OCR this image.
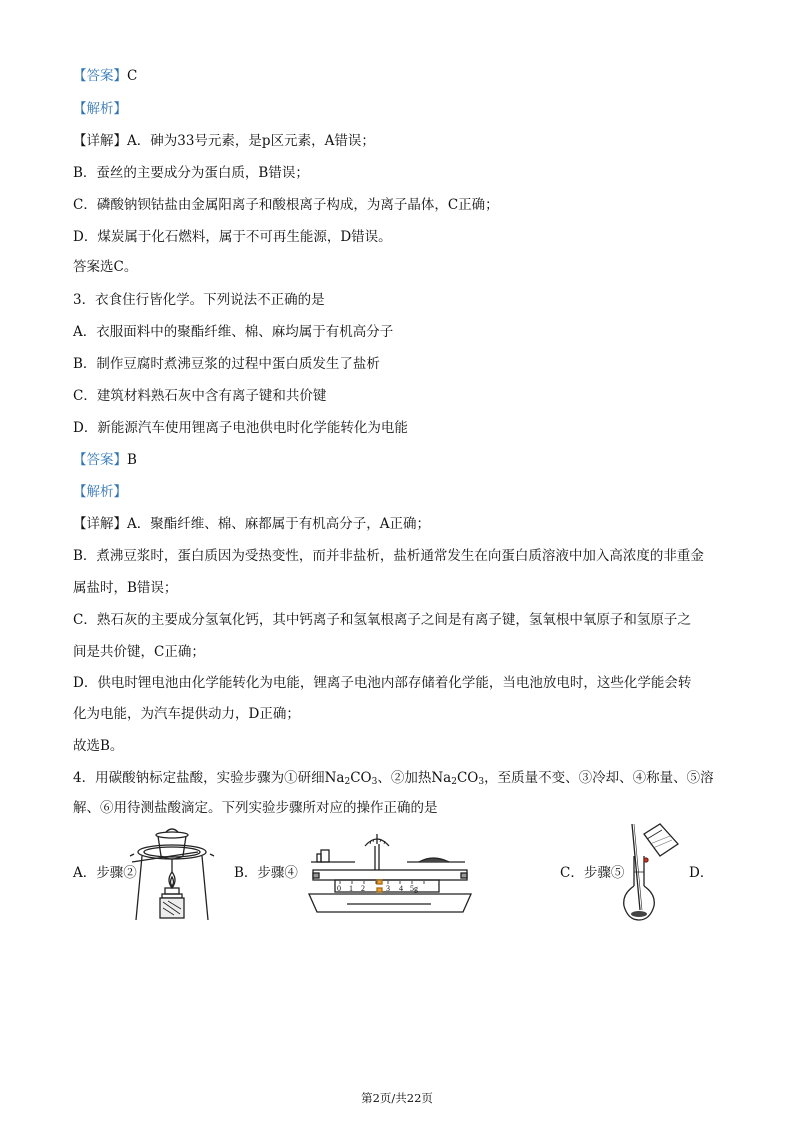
【答案】C
【解析】
【详解】A．砷为33号元素，是p区元素，A错误；
B．蚕丝的主要成分为蛋白质，B错误；
C．磷酸钠钡钴盐由金属阳离子和酸根离子构成，为离子晶体，C正确；
D．煤炭属于化石燃料，属于不可再生能源，D错误。
答案选C。
3．衣食住行皆化学。下列说法不正确的是
A．衣服面料中的聚酯纤维、棉、麻均属于有机高分子
B．制作豆腐时煮沸豆浆的过程中蛋白质发生了盐析
C．建筑材料熟石灰中含有离子键和共价键
D．新能源汽车使用锂离子电池供电时化学能转化为电能
【答案】B
【解析】
【详解】A．聚酯纤维、棉、麻都属于有机高分子，A正确；
B．煮沸豆浆时，蛋白质因为受热变性，而并非盐析，盐析通常发生在向蛋白质溶液中加入高浓度的非重金
属盐时，B错误；
C．熟石灰的主要成分氢氧化钙，其中钙离子和氢氧根离子之间是有离子键，氢氧根中氧原子和氢原子之
间是共价键，C正确；
D．供电时锂电池由化学能转化为电能，锂离子电池内部存储着化学能，当电池放电时，这些化学能会转
化为电能，为汽车提供动力，D正确；
故选B。
4．用碳酸钠标定盐酸，实验步骤为①研细$Na_2CO_3$、②加热$Na_2CO_3$，至质量不变、③冷却、④称量、⑤溶
解、⑥用待测盐酸滴定。下列实验步骤所对应的操作正确的是
A．步骤②	B．步骤④
0 1 2	3 4 5g
C．步骤⑤	D．
第2页/共22页
